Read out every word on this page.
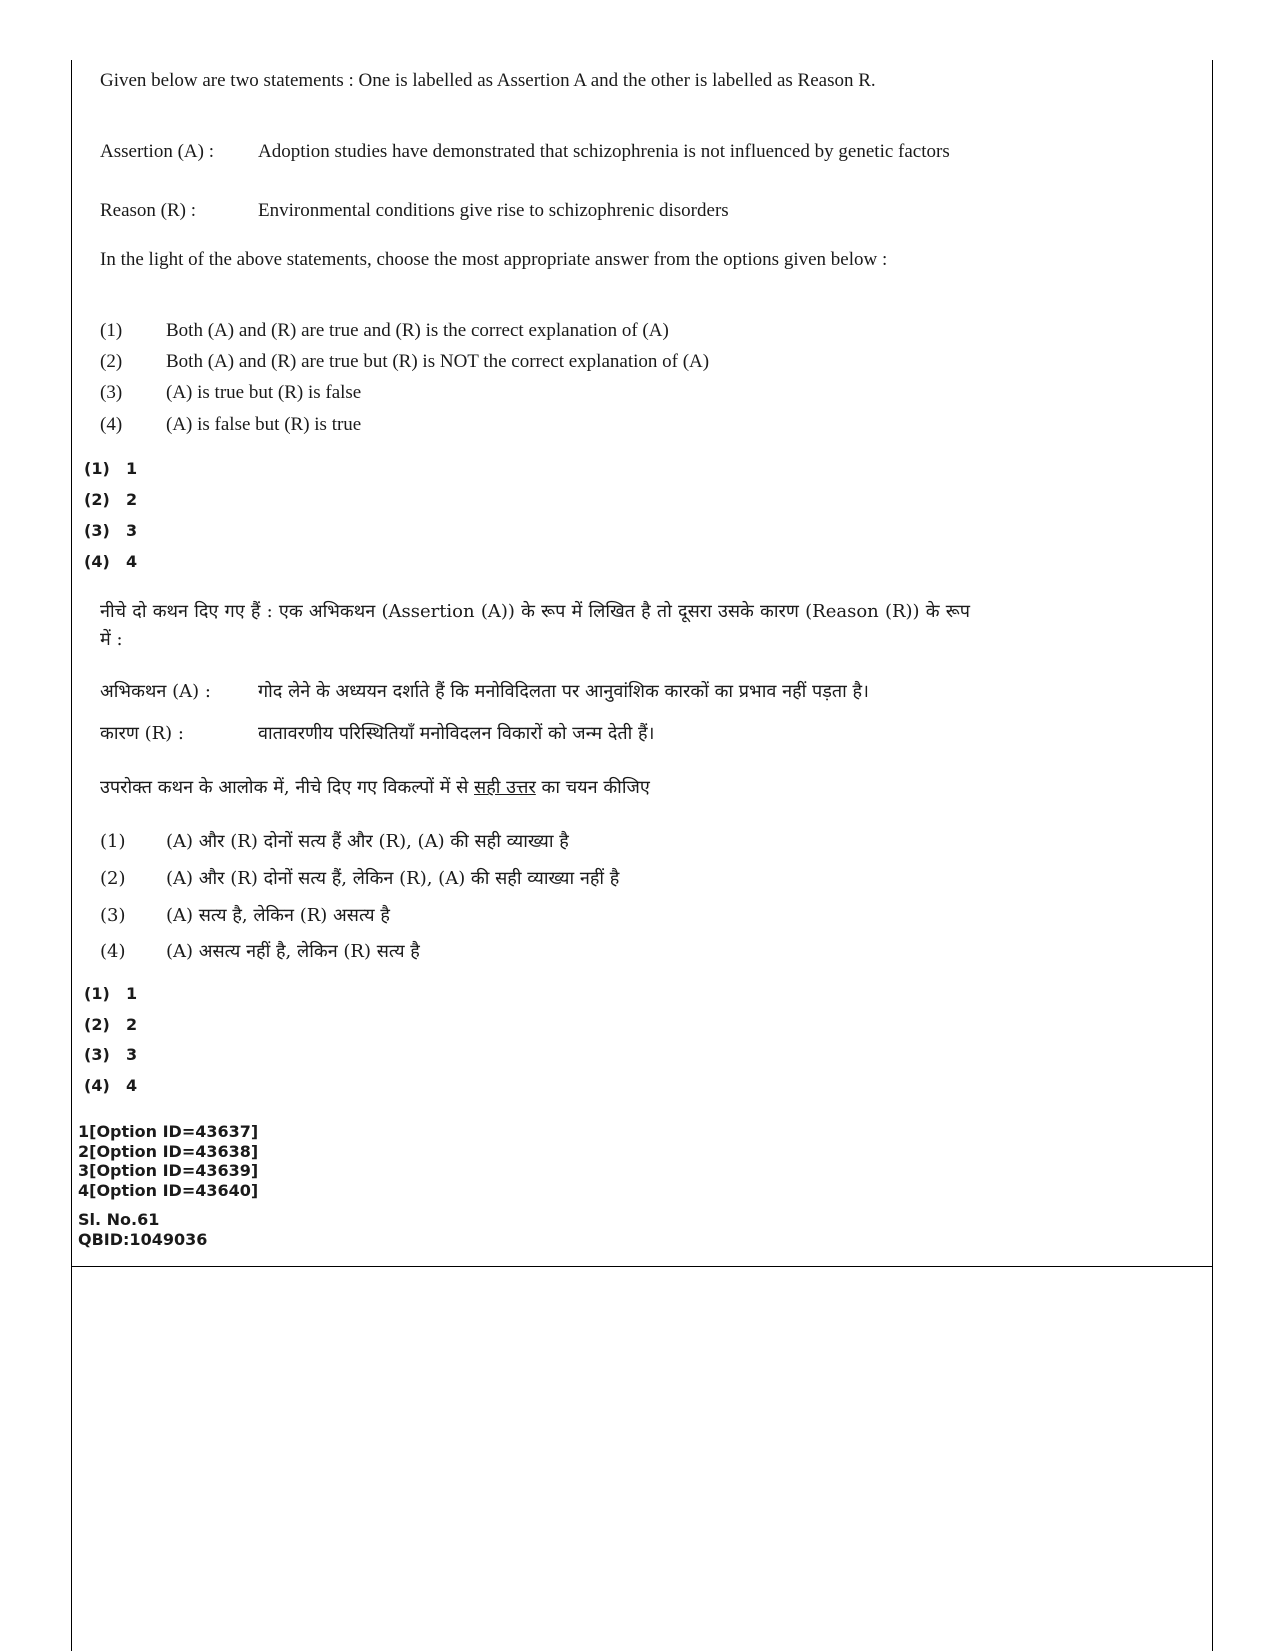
Given below are two statements : One is labelled as Assertion A and the other is labelled as Reason R.
Assertion (A) : Adoption studies have demonstrated that schizophrenia is not influenced by genetic factors
Reason (R) :	Environmental conditions give rise to schizophrenic disorders
In the light of the above statements, choose the most appropriate answer from the options given below :
(1)	Both (A) and (R) are true and (R) is the correct explanation of (A)
(2)	Both (A) and (R) are true but (R) is NOT the correct explanation of (A)
(3)	(A) is true but (R) is false
(4)	(A) is false but (R) is true
(1) 1
(2) 2
(3) 3
(4) 4
नीचे दो कथन दिए गए हैं : एक अभिकथन (Assertion (A)) के रूप में लिखित है तो दूसरा उसके कारण (Reason (R)) के रूप में :
अभिकथन (A) :	गोद लेने के अध्ययन दर्शाते हैं कि मनोविदिलता पर आनुवांशिक कारकों का प्रभाव नहीं पड़ता है।
कारण (R) :	वातावरणीय परिस्थितियाँ मनोविदलन विकारों को जन्म देती हैं।
उपरोक्त कथन के आलोक में, नीचे दिए गए विकल्पों में से सही उत्तर का चयन कीजिए
(1)	(A) और (R) दोनों सत्य हैं और (R), (A) की सही व्याख्या है
(2)	(A) और (R) दोनों सत्य हैं, लेकिन (R), (A) की सही व्याख्या नहीं है
(3)	(A) सत्य है, लेकिन (R) असत्य है
(4)	(A) असत्य नहीं है, लेकिन (R) सत्य है
(1) 1
(2) 2
(3) 3
(4) 4
1[Option ID=43637]
2[Option ID=43638]
3[Option ID=43639]
4[Option ID=43640]
Sl. No.61
QBID:1049036
